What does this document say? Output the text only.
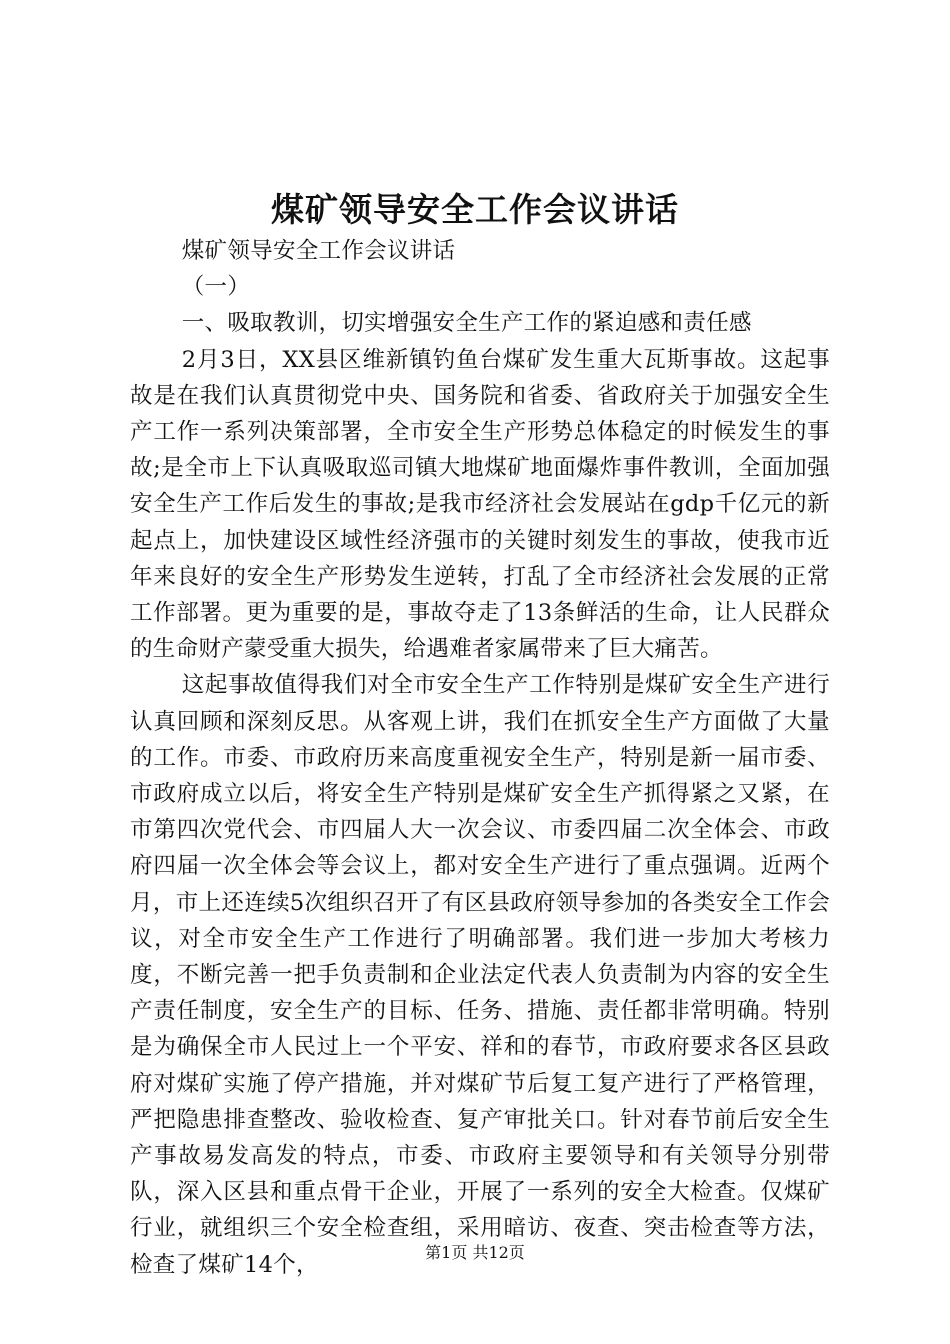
煤矿领导安全工作会议讲话

煤矿领导安全工作会议讲话

（一）

一、吸取教训，切实增强安全生产工作的紧迫感和责任感

2月3日，XX县区维新镇钓鱼台煤矿发生重大瓦斯事故。这起事故是在我们认真贯彻党中央、国务院和省委、省政府关于加强安全生产工作一系列决策部署，全市安全生产形势总体稳定的时候发生的事故;是全市上下认真吸取巡司镇大地煤矿地面爆炸事件教训，全面加强安全生产工作后发生的事故;是我市经济社会发展站在gdp千亿元的新起点上，加快建设区域性经济强市的关键时刻发生的事故，使我市近年来良好的安全生产形势发生逆转，打乱了全市经济社会发展的正常工作部署。更为重要的是，事故夺走了13条鲜活的生命，让人民群众的生命财产蒙受重大损失，给遇难者家属带来了巨大痛苦。

这起事故值得我们对全市安全生产工作特别是煤矿安全生产进行认真回顾和深刻反思。从客观上讲，我们在抓安全生产方面做了大量的工作。市委、市政府历来高度重视安全生产，特别是新一届市委、市政府成立以后，将安全生产特别是煤矿安全生产抓得紧之又紧，在市第四次党代会、市四届人大一次会议、市委四届二次全体会、市政府四届一次全体会等会议上，都对安全生产进行了重点强调。近两个月，市上还连续5次组织召开了有区县政府领导参加的各类安全工作会议，对全市安全生产工作进行了明确部署。我们进一步加大考核力度，不断完善一把手负责制和企业法定代表人负责制为内容的安全生产责任制度，安全生产的目标、任务、措施、责任都非常明确。特别是为确保全市人民过上一个平安、祥和的春节，市政府要求各区县政府对煤矿实施了停产措施，并对煤矿节后复工复产进行了严格管理，严把隐患排查整改、验收检查、复产审批关口。针对春节前后安全生产事故易发高发的特点，市委、市政府主要领导和有关领导分别带队，深入区县和重点骨干企业，开展了一系列的安全大检查。仅煤矿行业，就组织三个安全检查组，采用暗访、夜查、突击检查等方法，检查了煤矿14个，	第1页 共12页
